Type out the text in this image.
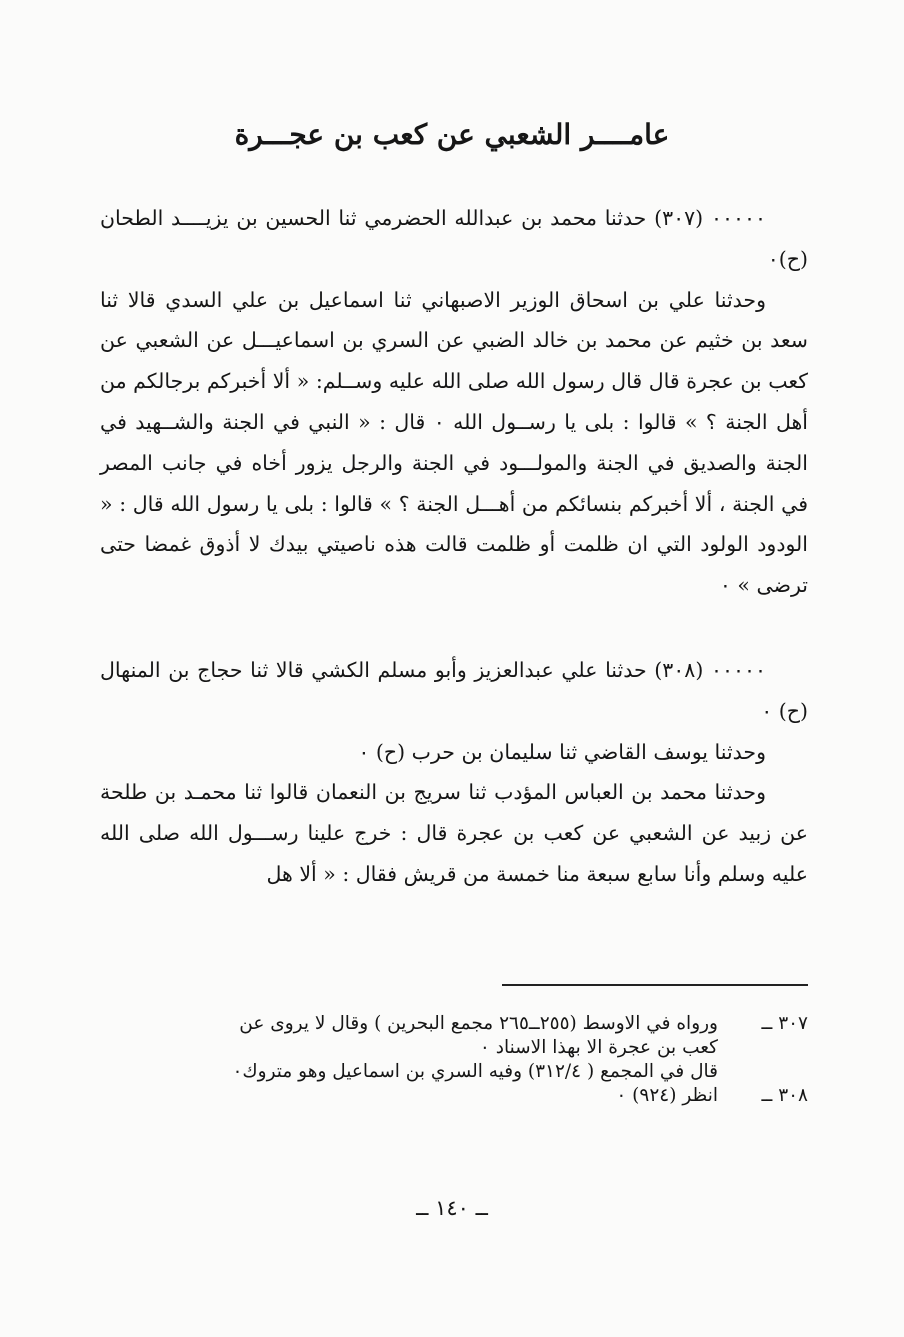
عامــــر الشعبي عن كعب بن عجـــرة

٠٠٠٠٠ (٣٠٧) حدثنا محمد بن عبدالله الحضرمي ثنا الحسين بن يزيــــد الطحان (ح)٠

وحدثنا علي بن اسحاق الوزير الاصبهاني ثنا اسماعيل بن علي السدي قالا ثنا سعد بن خثيم عن محمد بن خالد الضبي عن السري بن اسماعيـــل عن الشعبي عن كعب بن عجرة قال قال رسول الله صلى الله عليه وســلم: « ألا أخبركم برجالكم من أهل الجنة ؟ » قالوا : بلى يا رســول الله ٠ قال : « النبي في الجنة والشــهيد في الجنة والصديق في الجنة والمولـــود في الجنة والرجل يزور أخاه في جانب المصر في الجنة ، ألا أخبركم بنسائكم من أهـــل الجنة ؟ » قالوا : بلى يا رسول الله قال : « الودود الولود التي ان ظلمت أو ظلمت قالت هذه ناصيتي بيدك لا أذوق غمضا حتى ترضى » ٠

٠٠٠٠٠ (٣٠٨) حدثنا علي عبدالعزيز وأبو مسلم الكشي قالا ثنا حجاج بن المنهال (ح) ٠

وحدثنا يوسف القاضي ثنا سليمان بن حرب (ح) ٠

وحدثنا محمد بن العباس المؤدب ثنا سريج بن النعمان قالوا ثنا محمـد بن طلحة عن زبيد عن الشعبي عن كعب بن عجرة قال : خرج علينا رســـول الله صلى الله عليه وسلم وأنا سابع سبعة منا خمسة من قريش فقال : « ألا هل

٣٠٧ ــ
ورواه في الاوسط (٢٥٥ــ٢٦٥ مجمع البحرين ) وقال لا يروى عن
كعب بن عجرة الا بهذا الاسناد ٠
قال في المجمع ( ٣١٢/٤) وفيه السري بن اسماعيل وهو متروك٠
٣٠٨ ــ
انظر (٩٢٤) ٠
ــ ١٤٠ ــ
